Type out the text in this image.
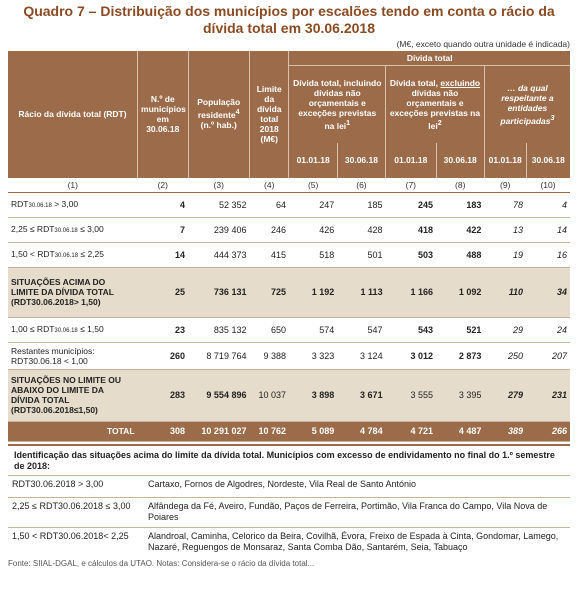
Quadro 7 – Distribuição dos municípios por escalões tendo em conta o rácio da dívida total em 30.06.2018
(M€, exceto quando outra unidade é indicada)
Rácio da dívida total (RDT)	N.º de municípios em 30.06.18	População residente$^4$ (n.º hab.)	Limite da dívida total 2018 (M€)	Dívida total					
				Dívida total, incluindo dívidas não orçamentais e exceções previstas na lei$^1$		Dívida total, excluindo dívidas não orçamentais e exceções previstas na lei$^2$		… da qual respeitante a entidades participadas$^3$
				01.01.18	30.06.18	01.01.18	30.06.18	01.01.18	30.06.18
(1)	(2)	(3)	(4)	(5)	(6)	(7)	(8)	(9)	(10)
RDT30.06.18 > 3,00	4	52 352	64	247	185	245	183	78	4
2,25 ≤ RDT30.06.18 ≤ 3,00	7	239 406	246	426	428	418	422	13	14
1,50 < RDT30.06.18 ≤ 2,25	14	444 373	415	518	501	503	488	19	16
SITUAÇÕES ACIMA DO LIMITE DA DÍVIDA TOTAL
(RDT30.06.2018> 1,50)	25	736 131	725	1 192	1 113	1 166	1 092	110	34
1,00 ≤ RDT30.06.18 ≤ 1,50	23	835 132	650	574	547	543	521	29	24
Restantes municípios:
RDT30.06.18 < 1,00	260	8 719 764	9 388	3 323	3 124	3 012	2 873	250	207
SITUAÇÕES NO LIMITE OU ABAIXO DO LIMITE DA DÍVIDA TOTAL
(RDT30.06.2018≤1,50)	283	9 554 896	10 037	3 898	3 671	3 555	3 395	279	231
TOTAL	308	10 291 027	10 762	5 089	4 784	4 721	4 487	389	266
Identificação das situações acima do limite da dívida total. Municípios com excesso de endividamento no final do 1.º semestre de 2018:
RDT30.06.2018 > 3,00	Cartaxo, Fornos de Algodres, Nordeste, Vila Real de Santo António
2,25 ≤ RDT30.06.2018 ≤ 3,00	Alfândega da Fé, Aveiro, Fundão, Paços de Ferreira, Portimão, Vila Franca do Campo, Vila Nova de Poiares
1,50 < RDT30.06.2018< 2,25	Alandroal, Caminha, Celorico da Beira, Covilhã, Évora, Freixo de Espada à Cinta, Gondomar, Lamego, Nazaré, Reguengos de Monsaraz, Santa Comba Dão, Santarém, Seia, Tabuaço
Fonte: SIIAL-DGAL, e cálculos da UTAO. Notas: Considera-se o rácio da dívida total...
